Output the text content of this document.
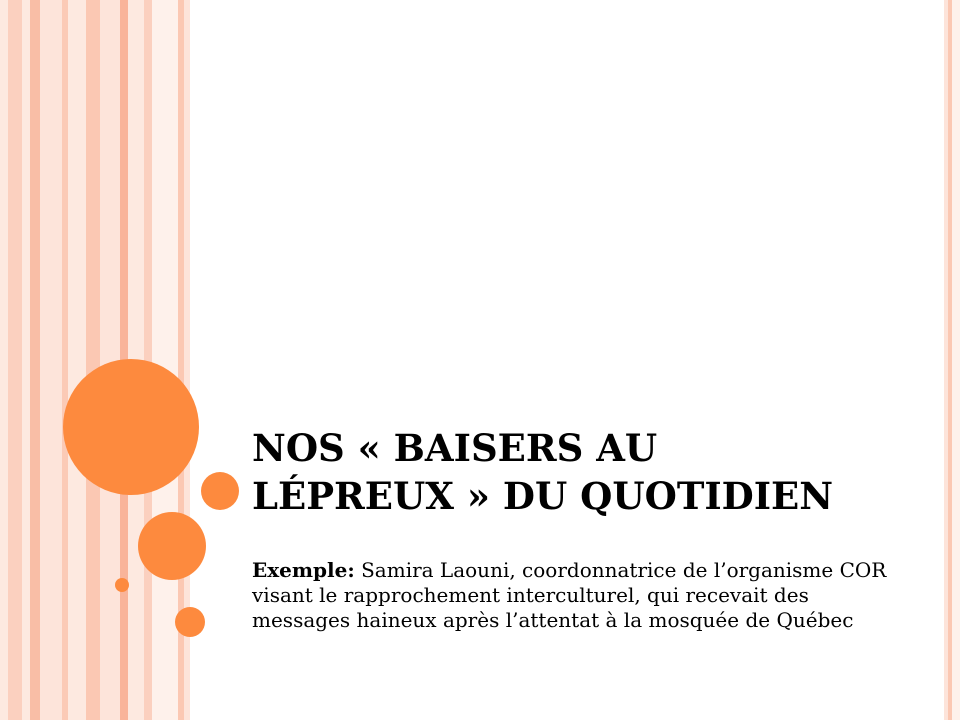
NOS « BAISERS AU
LÉPREUX » DU QUOTIDIEN

Exemple: Samira Laouni, coordonnatrice de l’organisme COR visant le rapprochement interculturel, qui recevait des messages haineux après l’attentat à la mosquée de Québec
